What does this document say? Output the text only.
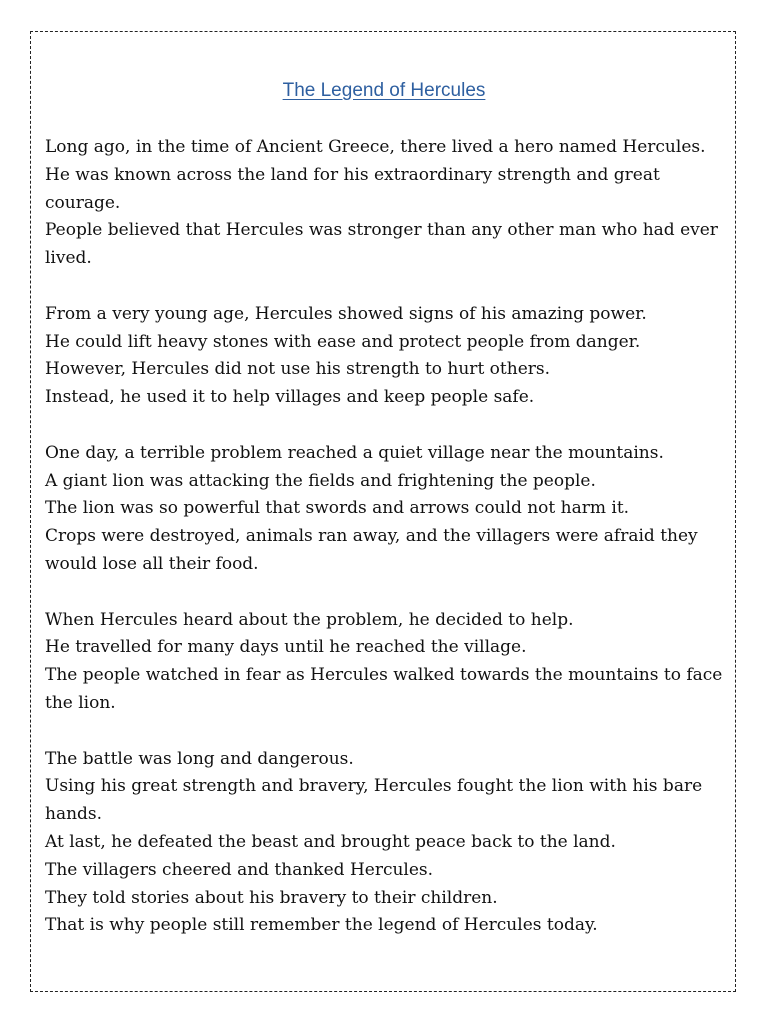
The Legend of Hercules

Long ago, in the time of Ancient Greece, there lived a hero named Hercules.
He was known across the land for his extraordinary strength and great courage.
People believed that Hercules was stronger than any other man who had ever lived.

From a very young age, Hercules showed signs of his amazing power.
He could lift heavy stones with ease and protect people from danger.
However, Hercules did not use his strength to hurt others.
Instead, he used it to help villages and keep people safe.

One day, a terrible problem reached a quiet village near the mountains.
A giant lion was attacking the fields and frightening the people.
The lion was so powerful that swords and arrows could not harm it.
Crops were destroyed, animals ran away, and the villagers were afraid they would lose all their food.

When Hercules heard about the problem, he decided to help.
He travelled for many days until he reached the village.
The people watched in fear as Hercules walked towards the mountains to face the lion.

The battle was long and dangerous.
Using his great strength and bravery, Hercules fought the lion with his bare hands.
At last, he defeated the beast and brought peace back to the land.
The villagers cheered and thanked Hercules.
They told stories about his bravery to their children.
That is why people still remember the legend of Hercules today.
